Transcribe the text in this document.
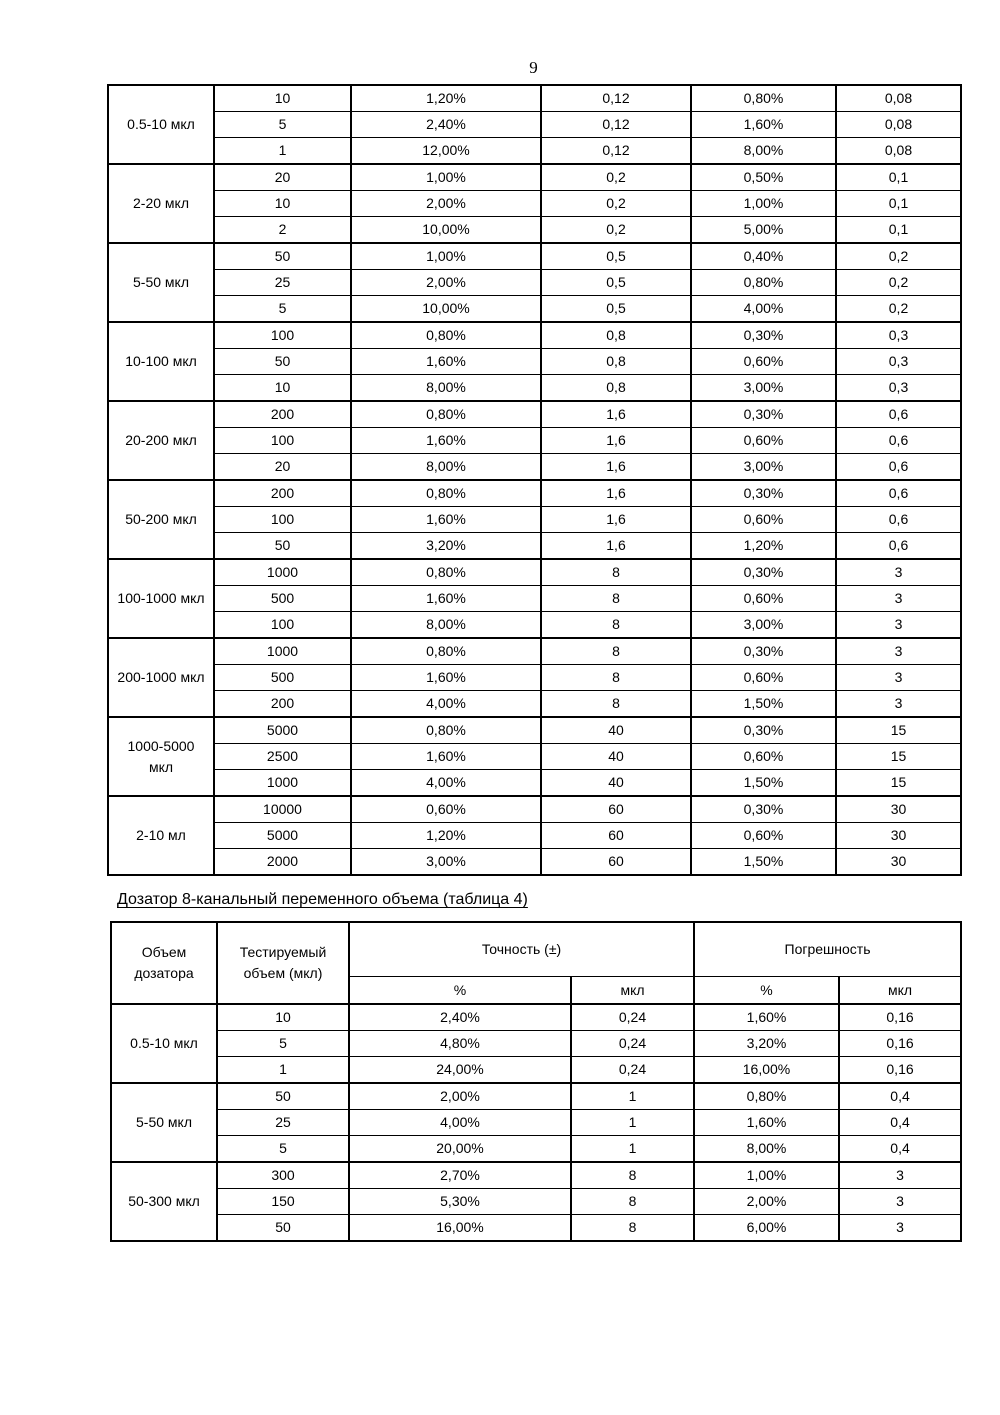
9
0.5-10 мкл	10	1,20%	0,12	0,80%	0,08
	5	2,40%	0,12	1,60%	0,08
	1	12,00%	0,12	8,00%	0,08
2-20 мкл	20	1,00%	0,2	0,50%	0,1
	10	2,00%	0,2	1,00%	0,1
	2	10,00%	0,2	5,00%	0,1
5-50 мкл	50	1,00%	0,5	0,40%	0,2
	25	2,00%	0,5	0,80%	0,2
	5	10,00%	0,5	4,00%	0,2
10-100 мкл	100	0,80%	0,8	0,30%	0,3
	50	1,60%	0,8	0,60%	0,3
	10	8,00%	0,8	3,00%	0,3
20-200 мкл	200	0,80%	1,6	0,30%	0,6
	100	1,60%	1,6	0,60%	0,6
	20	8,00%	1,6	3,00%	0,6
50-200 мкл	200	0,80%	1,6	0,30%	0,6
	100	1,60%	1,6	0,60%	0,6
	50	3,20%	1,6	1,20%	0,6
100-1000 мкл	1000	0,80%	8	0,30%	3
	500	1,60%	8	0,60%	3
	100	8,00%	8	3,00%	3
200-1000 мкл	1000	0,80%	8	0,30%	3
	500	1,60%	8	0,60%	3
	200	4,00%	8	1,50%	3
1000-5000 мкл	5000	0,80%	40	0,30%	15
	2500	1,60%	40	0,60%	15
	1000	4,00%	40	1,50%	15
2-10 мл	10000	0,60%	60	0,30%	30
	5000	1,20%	60	0,60%	30
	2000	3,00%	60	1,50%	30
Дозатор 8-канальный переменного объема (таблица 4)
Объем дозатора	Тестируемый объем (мкл)	Точность (±)		Погрешность	
		%	мкл	%	мкл
0.5-10 мкл	10	2,40%	0,24	1,60%	0,16
	5	4,80%	0,24	3,20%	0,16
	1	24,00%	0,24	16,00%	0,16
5-50 мкл	50	2,00%	1	0,80%	0,4
	25	4,00%	1	1,60%	0,4
	5	20,00%	1	8,00%	0,4
50-300 мкл	300	2,70%	8	1,00%	3
	150	5,30%	8	2,00%	3
	50	16,00%	8	6,00%	3
